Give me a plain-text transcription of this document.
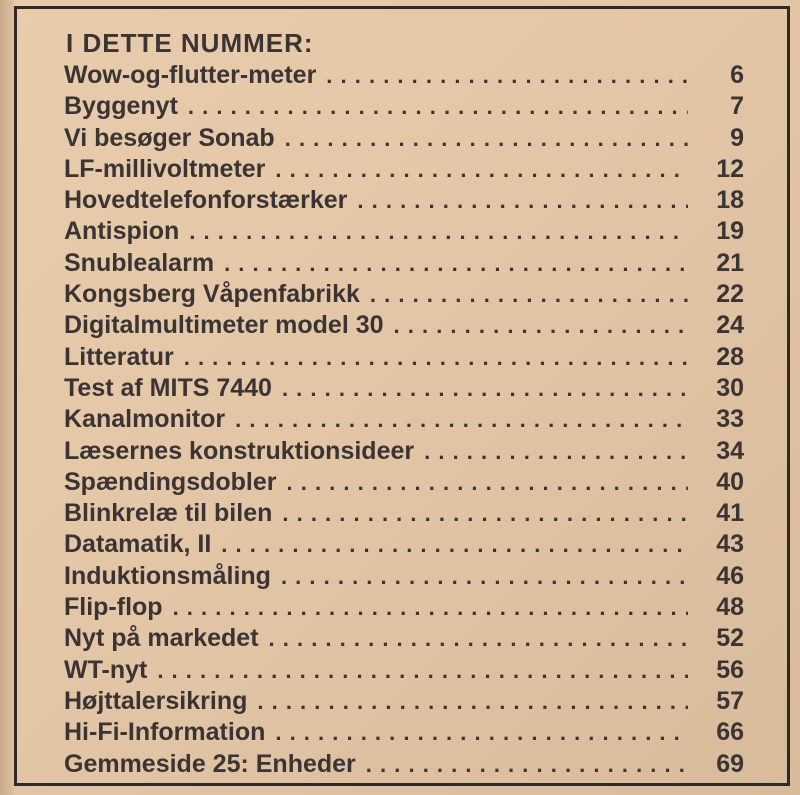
I DETTE NUMMER:
Wow-og-flutter-meter . . .	6
Byggenyt . . .	7
Vi besøger Sonab . . .	9
LF-millivoltmeter . . .	12
Hovedtelefonforstærker . . .	18
Antispion . . .	19
Snublealarm . . .	21
Kongsberg Våpenfabrikk . . .	22
Digitalmultimeter model 30 . . .	24
Litteratur . . .	28
Test af MITS 7440 . . .	30
Kanalmonitor . . .	33
Læsernes konstruktionsideer . . .	34
Spændingsdobler . . .	40
Blinkrelæ til bilen . . .	41
Datamatik, II . . .	43
Induktionsmåling . . .	46
Flip-flop . . .	48
Nyt på markedet . . .	52
WT-nyt . . .	56
Højttalersikring . . .	57
Hi-Fi-Information . . .	66
Gemmeside 25: Enheder . . .	69
